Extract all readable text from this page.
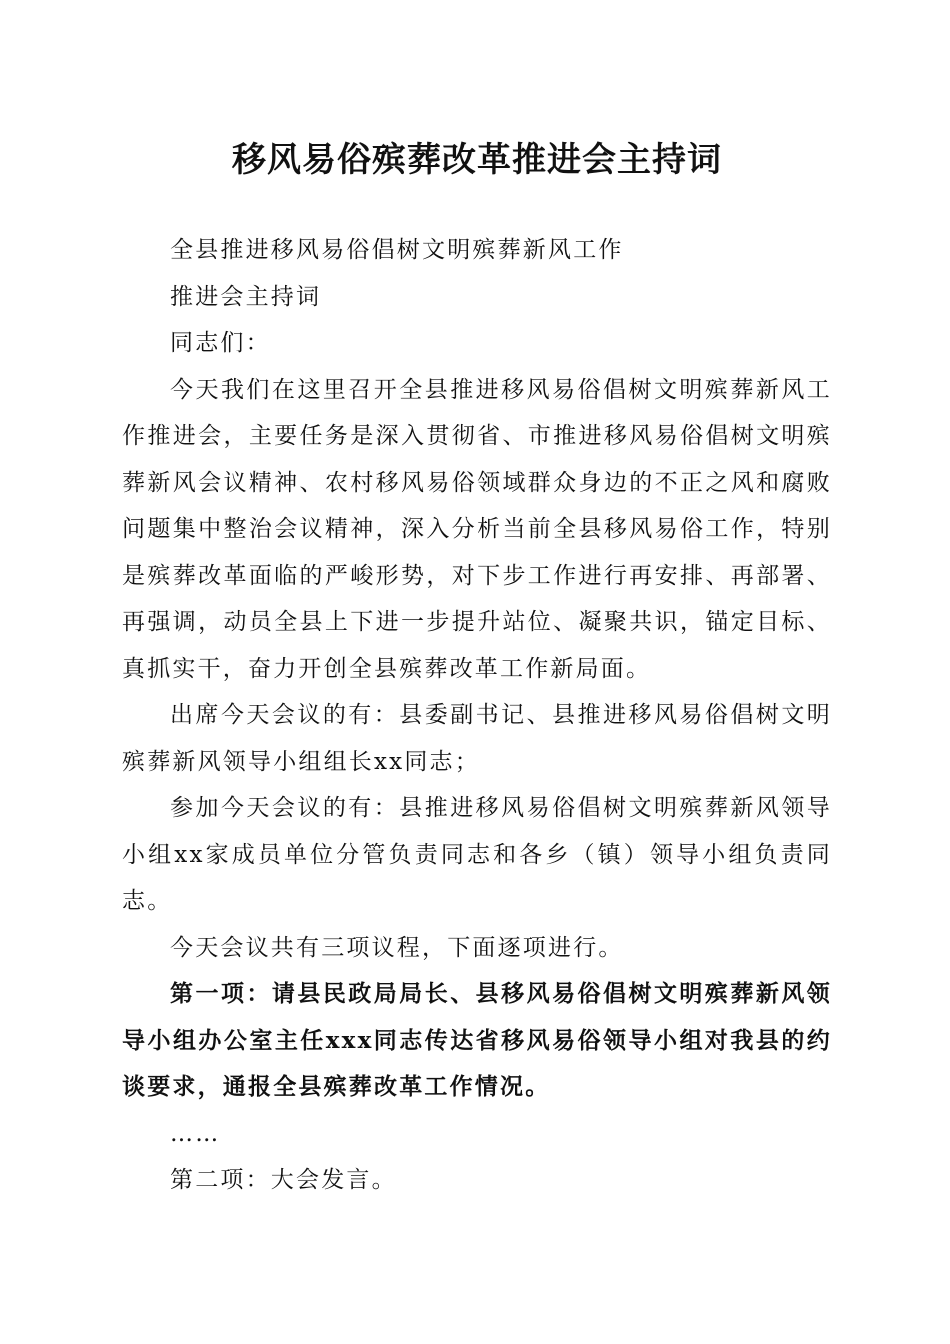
移风易俗殡葬改革推进会主持词

全县推进移风易俗倡树文明殡葬新风工作

推进会主持词

同志们：

今天我们在这里召开全县推进移风易俗倡树文明殡葬新风工作推进会，主要任务是深入贯彻省、市推进移风易俗倡树文明殡葬新风会议精神、农村移风易俗领域群众身边的不正之风和腐败问题集中整治会议精神，深入分析当前全县移风易俗工作，特别是殡葬改革面临的严峻形势，对下步工作进行再安排、再部署、再强调，动员全县上下进一步提升站位、凝聚共识，锚定目标、真抓实干，奋力开创全县殡葬改革工作新局面。

出席今天会议的有：县委副书记、县推进移风易俗倡树文明殡葬新风领导小组组长xx同志；

参加今天会议的有：县推进移风易俗倡树文明殡葬新风领导小组xx家成员单位分管负责同志和各乡（镇）领导小组负责同志。

今天会议共有三项议程，下面逐项进行。

第一项：请县民政局局长、县移风易俗倡树文明殡葬新风领导小组办公室主任xxx同志传达省移风易俗领导小组对我县的约谈要求，通报全县殡葬改革工作情况。

……

第二项：大会发言。
